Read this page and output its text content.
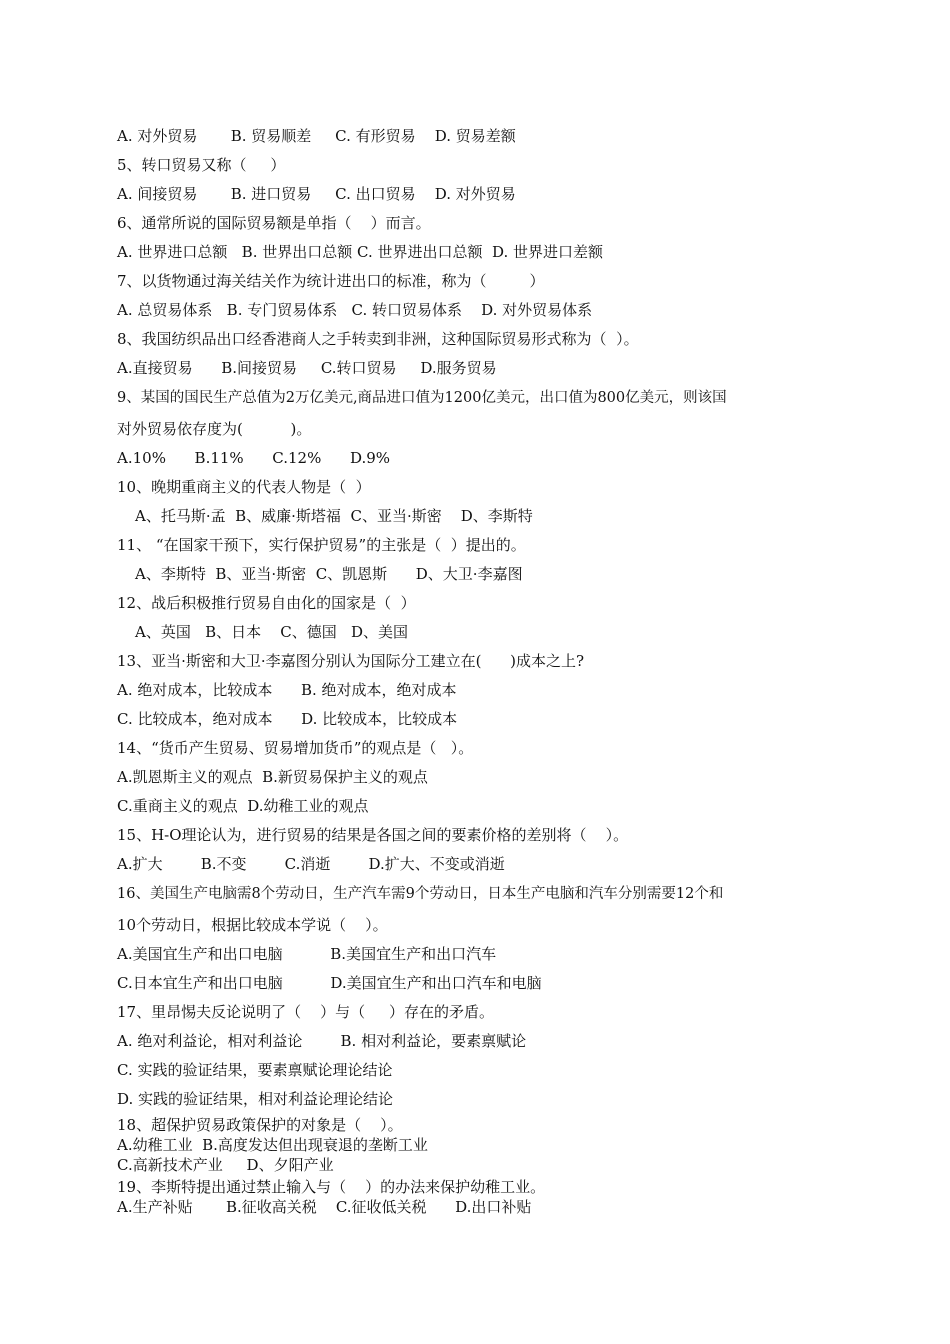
A. 对外贸易       B. 贸易顺差     C. 有形贸易    D. 贸易差额
5、转口贸易又称（     ）
A. 间接贸易       B. 进口贸易     C. 出口贸易    D. 对外贸易
6、通常所说的国际贸易额是单指（    ）而言。
A. 世界进口总额   B. 世界出口总额 C. 世界进出口总额  D. 世界进口差额
7、以货物通过海关结关作为统计进出口的标准，称为（         ）
A. 总贸易体系   B. 专门贸易体系   C. 转口贸易体系    D. 对外贸易体系
8、我国纺织品出口经香港商人之手转卖到非洲，这种国际贸易形式称为（  ）。
A.直接贸易      B.间接贸易     C.转口贸易     D.服务贸易
9、某国的国民生产总值为2万亿美元,商品进口值为1200亿美元，出口值为800亿美元，则该国
对外贸易依存度为(          )。
A.10%      B.11%      C.12%      D.9%
10、晚期重商主义的代表人物是（  ）
A、托马斯·孟  B、威廉·斯塔福  C、亚当·斯密    D、李斯特
11、 “在国家干预下，实行保护贸易”的主张是（  ）提出的。
A、李斯特  B、亚当·斯密  C、凯恩斯      D、大卫·李嘉图
12、战后积极推行贸易自由化的国家是（  ）
A、英国   B、日本    C、德国   D、美国
13、亚当·斯密和大卫·李嘉图分别认为国际分工建立在(      )成本之上?
A. 绝对成本，比较成本      B. 绝对成本，绝对成本
C. 比较成本，绝对成本      D. 比较成本，比较成本
14、“货币产生贸易、贸易增加货币”的观点是（   ）。
A.凯恩斯主义的观点  B.新贸易保护主义的观点
C.重商主义的观点  D.幼稚工业的观点
15、H-O理论认为，进行贸易的结果是各国之间的要素价格的差别将（    ）。
A.扩大        B.不变        C.消逝        D.扩大、不变或消逝
16、美国生产电脑需8个劳动日，生产汽车需9个劳动日，日本生产电脑和汽车分别需要12个和
10个劳动日，根据比较成本学说（    ）。
A.美国宜生产和出口电脑          B.美国宜生产和出口汽车
C.日本宜生产和出口电脑          D.美国宜生产和出口汽车和电脑
17、里昂惕夫反论说明了（    ）与（     ）存在的矛盾。
A. 绝对利益论，相对利益论        B. 相对利益论，要素禀赋论
C. 实践的验证结果，要素禀赋论理论结论
D. 实践的验证结果，相对利益论理论结论
18、超保护贸易政策保护的对象是（    ）。
A.幼稚工业  B.高度发达但出现衰退的垄断工业
C.高新技术产业     D、夕阳产业
19、李斯特提出通过禁止输入与（    ）的办法来保护幼稚工业。
A.生产补贴       B.征收高关税    C.征收低关税      D.出口补贴
